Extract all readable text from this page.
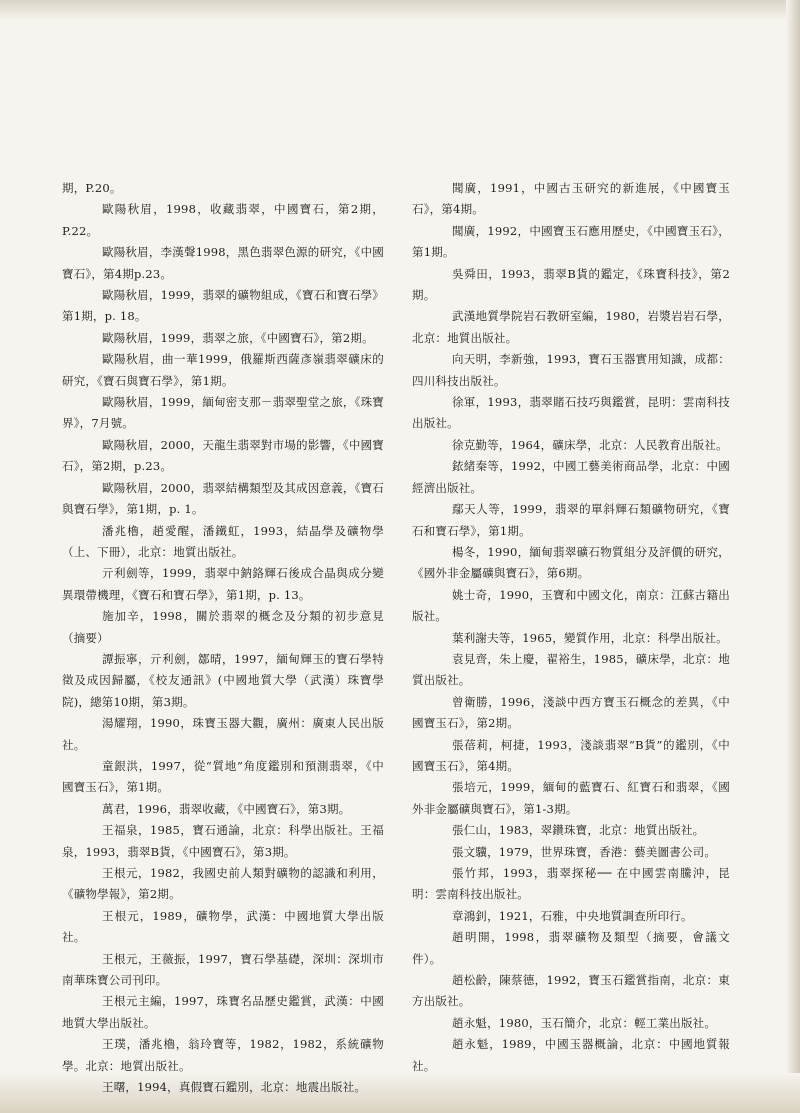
期，P.20。

歐陽秋眉，1998，收藏翡翠，中國寶石，第2期，P.22。

歐陽秋眉，李漢聲1998，黑色翡翠色源的研究，《中國寶石》，第4期p.23。

歐陽秋眉，1999，翡翠的礦物組成，《寶石和寶石學》第1期，p. 18。

歐陽秋眉，1999，翡翠之旅，《中國寶石》，第2期。

歐陽秋眉，曲一華1999，俄羅斯西薩彥嶺翡翠礦床的研究，《寶石與寶石學》，第1期。

歐陽秋眉，1999，緬甸密支那－翡翠聖堂之旅，《珠寶界》，7月號。

歐陽秋眉，2000，天龍生翡翠對市場的影響，《中國寶石》，第2期，p.23。

歐陽秋眉，2000，翡翠結構類型及其成因意義，《寶石與寶石學》，第1期，p. 1。

潘兆櫓，趙愛醒，潘鐵虹，1993，結晶學及礦物學（上、下冊），北京：地質出版社。

亓利劍等，1999，翡翠中鈉鉻輝石後成合晶與成分變異環帶機理，《寶石和寶石學》，第1期，p. 13。

施加辛，1998，關於翡翠的概念及分類的初步意見（摘要）

譚振寧，亓利劍，鄒晴，1997，緬甸輝玉的寶石學特徵及成因歸屬，《校友通訊》(中國地質大學（武漢）珠寶學院)，總第10期，第3期。

湯耀翔，1990，珠寶玉器大觀，廣州：廣東人民出版社。

童銀洪，1997，從“質地”角度鑑別和預測翡翠，《中國寶玉石》，第1期。

萬君，1996，翡翠收藏，《中國寶石》，第3期。

王福泉，1985，寶石通論，北京：科學出版社。王福泉，1993，翡翠B貨，《中國寶石》，第3期。

王根元，1982，我國史前人類對礦物的認識和利用，《礦物學報》，第2期。

王根元，1989，礦物學，武漢：中國地質大學出版社。

王根元，王薇振，1997，寶石學基礎，深圳：深圳市南華珠寶公司刊印。

王根元主編，1997，珠寶名品歷史鑑賞，武漢：中國地質大學出版社。

王璞，潘兆櫓，翁玲寶等，1982，1982，系統礦物學。北京：地質出版社。

王曙，1994，真假寶石鑑別，北京：地震出版社。

聞廣，1991，中國古玉研究的新進展，《中國寶玉石》，第4期。

聞廣，1992，中國寶玉石應用歷史，《中國寶玉石》，第1期。

吳舜田，1993，翡翠B貨的鑑定，《珠寶科技》，第2期。

武漢地質學院岩石教研室編，1980，岩漿岩岩石學，北京：地質出版社。

向天明，李新強，1993，寶石玉器實用知識，成都：四川科技出版社。

徐軍，1993，翡翠賭石技巧與鑑賞，昆明：雲南科技出版社。

徐克勤等，1964，礦床學，北京：人民教育出版社。

銥緒秦等，1992，中國工藝美術商品學，北京：中國經濟出版社。

鄢天人等，1999，翡翠的單斜輝石類礦物研究，《寶石和寶石學》，第1期。

楊冬，1990，緬甸翡翠礦石物質組分及評價的研究，《國外非金屬礦與寶石》，第6期。

姚士奇，1990，玉寶和中國文化，南京：江蘇古籍出版社。

葉利謝夫等，1965，變質作用，北京：科學出版社。

袁見齊，朱上慶，翟裕生，1985，礦床學，北京：地質出版社。

曾衛勝，1996，淺談中西方寶玉石概念的差異，《中國寶玉石》，第2期。

張蓓莉，柯捷，1993，淺談翡翠“B貨”的鑑別，《中國寶玉石》，第4期。

張培元，1999，緬甸的藍寶石、紅寶石和翡翠，《國外非金屬礦與寶石》，第1-3期。

張仁山，1983，翠鑽珠寶，北京：地質出版社。

張文驥，1979，世界珠寶，香港：藝美圖書公司。

張竹邦，1993，翡翠探秘── 在中國雲南騰沖，昆明：雲南科技出版社。

章鴻釗，1921，石雅，中央地質調查所印行。

趙明開，1998，翡翠礦物及類型（摘要，會議文件）。

趙松齡，陳蔡德，1992，寶玉石鑑賞指南，北京：東方出版社。

趙永魁，1980，玉石簡介，北京：輕工業出版社。

趙永魁，1989，中國玉器概論，北京：中國地質報社。
